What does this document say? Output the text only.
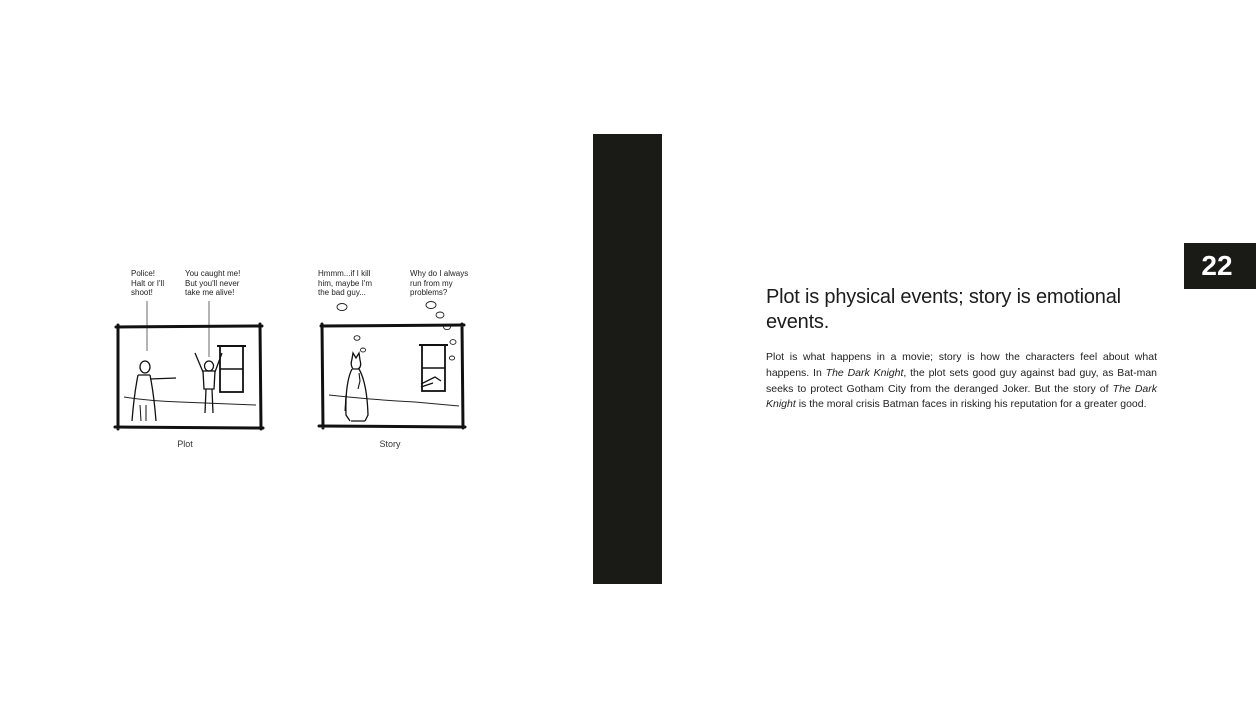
Police!
Halt or I'll
shoot!
You caught me!
But you'll never
take me alive!
Plot
Hmmm...if I kill
him, maybe I'm
the bad guy...
Why do I always
run from my
problems?
Story
22
Plot is physical events; story is emotional events.

Plot is what happens in a movie; story is how the characters feel about what happens. In The Dark Knight, the plot sets good guy against bad guy, as Bat-man seeks to protect Gotham City from the deranged Joker. But the story of The Dark Knight is the moral crisis Batman faces in risking his reputation for a greater good.
